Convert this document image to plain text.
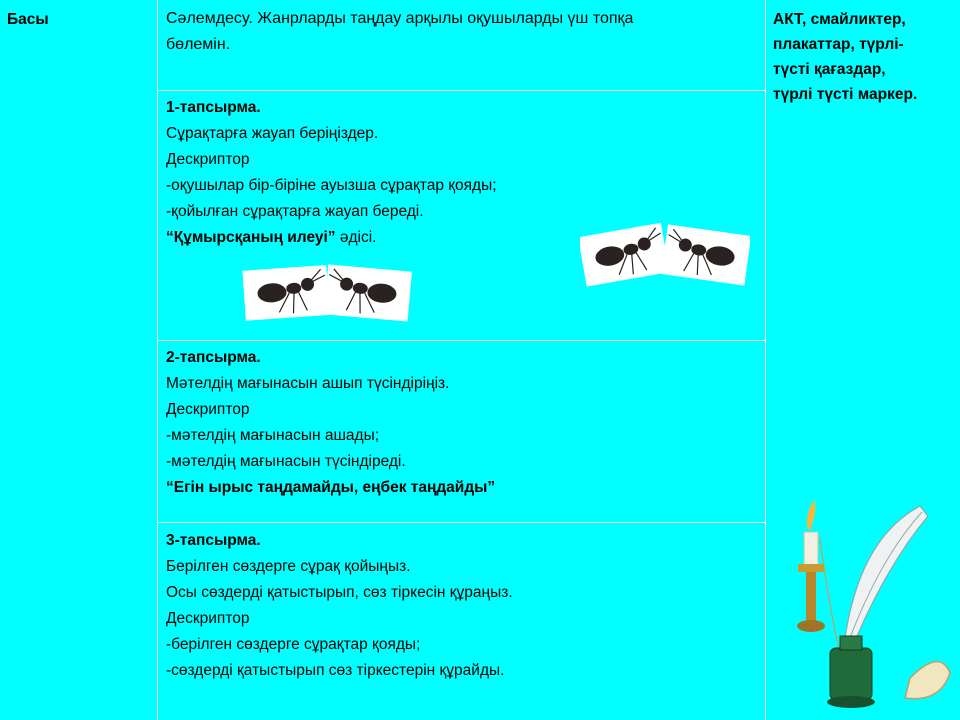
Басы	Сәлемдесу. Жанрларды таңдау арқылы оқушыларды үш топқа
бөлемін.
АКТ, смайликтер,
плакаттар, түрлі-
түсті қағаздар,
түрлі түсті маркер.
1-тапсырма.
Сұрақтарға жауап беріңіздер.
Дескриптор
-оқушылар бір-біріне ауызша сұрақтар қояды;
-қойылған сұрақтарға жауап береді.
“Құмырсқаның илеуі” әдісі.
2-тапсырма.
Мәтелдің мағынасын ашып түсіндіріңіз.
Дескриптор
-мәтелдің мағынасын ашады;
-мәтелдің мағынасын түсіндіреді.
“Егін ырыс таңдамайды, еңбек таңдайды”
3-тапсырма.
Берілген сөздерге сұрақ қойыңыз.
Осы сөздерді қатыстырып, сөз тіркесін құраңыз.
Дескриптор
-берілген сөздерге сұрақтар қояды;
-сөздерді қатыстырып сөз тіркестерін құрайды.
